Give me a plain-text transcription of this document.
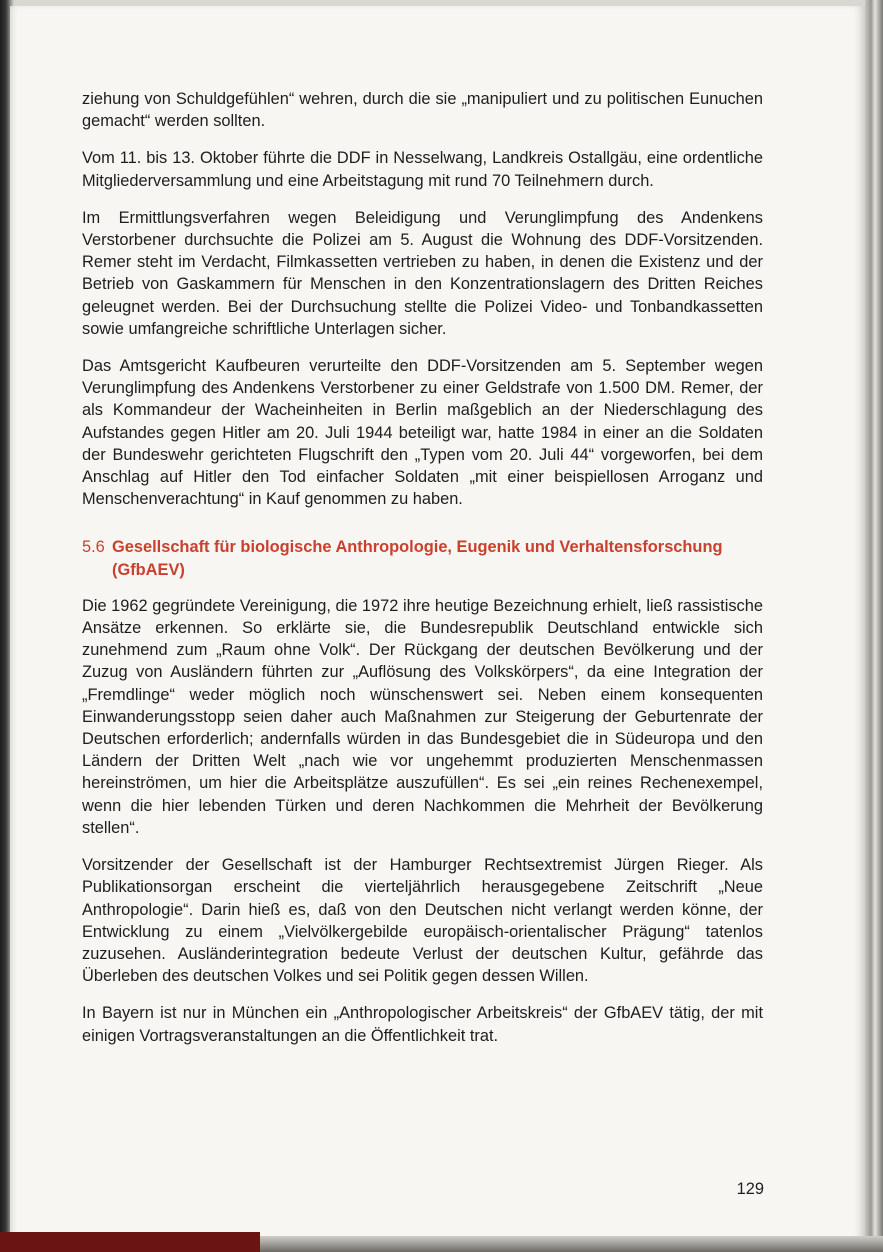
ziehung von Schuldgefühlen“ wehren, durch die sie „manipuliert und zu politischen Eunuchen gemacht“ werden sollten.

Vom 11. bis 13. Oktober führte die DDF in Nesselwang, Landkreis Ostallgäu, eine ordentliche Mitgliederversammlung und eine Arbeitstagung mit rund 70 Teilnehmern durch.

Im Ermittlungsverfahren wegen Beleidigung und Verunglimpfung des Andenkens Verstorbener durchsuchte die Polizei am 5. August die Wohnung des DDF-Vorsitzenden. Remer steht im Verdacht, Filmkassetten vertrieben zu haben, in denen die Existenz und der Betrieb von Gaskammern für Menschen in den Konzentrationslagern des Dritten Reiches geleugnet werden. Bei der Durchsuchung stellte die Polizei Video- und Tonbandkassetten sowie umfangreiche schriftliche Unterlagen sicher.

Das Amtsgericht Kaufbeuren verurteilte den DDF-Vorsitzenden am 5. September wegen Verunglimpfung des Andenkens Verstorbener zu einer Geldstrafe von 1.500 DM. Remer, der als Kommandeur der Wacheinheiten in Berlin maßgeblich an der Niederschlagung des Aufstandes gegen Hitler am 20. Juli 1944 beteiligt war, hatte 1984 in einer an die Soldaten der Bundeswehr gerichteten Flugschrift den „Typen vom 20. Juli 44“ vorgeworfen, bei dem Anschlag auf Hitler den Tod einfacher Soldaten „mit einer beispiellosen Arroganz und Menschenverachtung“ in Kauf genommen zu haben.

5.6 Gesellschaft für biologische Anthropologie, Eugenik und Verhaltensforschung (GfbAEV)

Die 1962 gegründete Vereinigung, die 1972 ihre heutige Bezeichnung erhielt, ließ rassistische Ansätze erkennen. So erklärte sie, die Bundesrepublik Deutschland entwickle sich zunehmend zum „Raum ohne Volk“. Der Rückgang der deutschen Bevölkerung und der Zuzug von Ausländern führten zur „Auflösung des Volkskörpers“, da eine Integration der „Fremdlinge“ weder möglich noch wünschenswert sei. Neben einem konsequenten Einwanderungsstopp seien daher auch Maßnahmen zur Steigerung der Geburtenrate der Deutschen erforderlich; andernfalls würden in das Bundesgebiet die in Südeuropa und den Ländern der Dritten Welt „nach wie vor ungehemmt produzierten Menschenmassen hereinströmen, um hier die Arbeitsplätze auszufüllen“. Es sei „ein reines Rechenexempel, wenn die hier lebenden Türken und deren Nachkommen die Mehrheit der Bevölkerung stellen“.

Vorsitzender der Gesellschaft ist der Hamburger Rechtsextremist Jürgen Rieger. Als Publikationsorgan erscheint die vierteljährlich herausgegebene Zeitschrift „Neue Anthropologie“. Darin hieß es, daß von den Deutschen nicht verlangt werden könne, der Entwicklung zu einem „Vielvölkergebilde europäisch-orientalischer Prägung“ tatenlos zuzusehen. Ausländerintegration bedeute Verlust der deutschen Kultur, gefährde das Überleben des deutschen Volkes und sei Politik gegen dessen Willen.

In Bayern ist nur in München ein „Anthropologischer Arbeitskreis“ der GfbAEV tätig, der mit einigen Vortragsveranstaltungen an die Öffentlichkeit trat.

129
